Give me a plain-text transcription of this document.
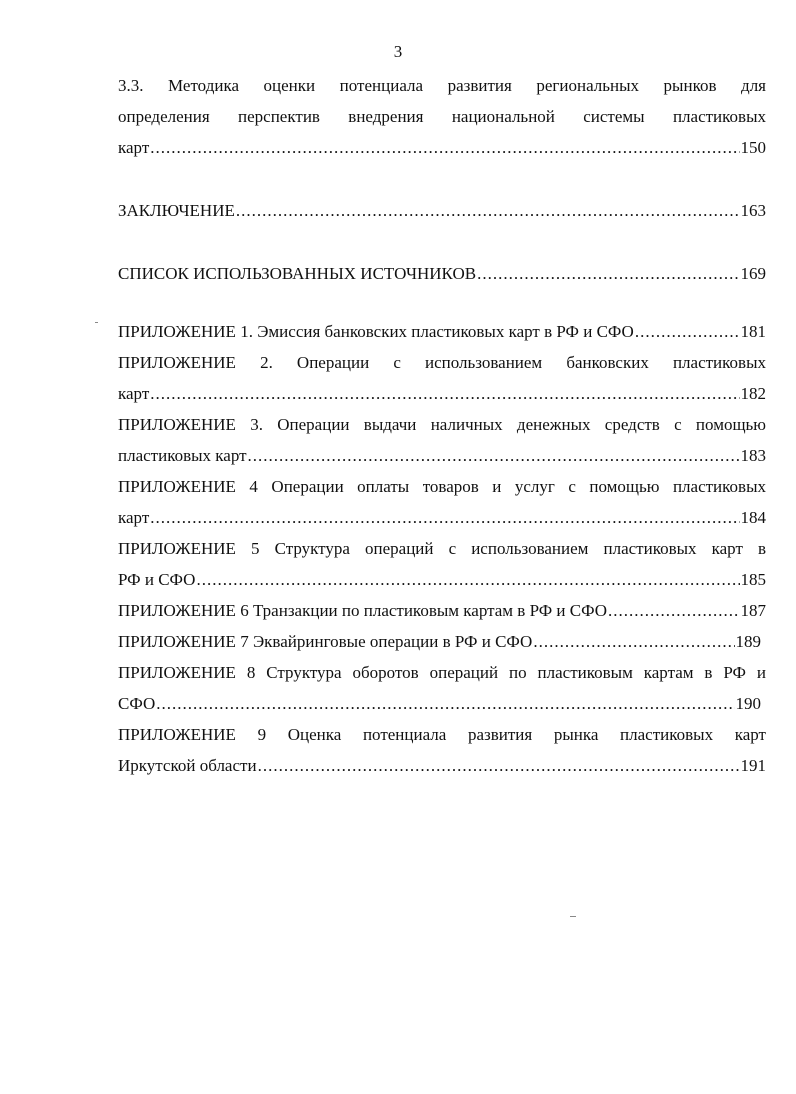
3
3.3. Методика оценки потенциала развития региональных рынков для
определения перспектив внедрения национальной системы пластиковых
карт .....	150
ЗАКЛЮЧЕНИЕ .....	163
СПИСОК ИСПОЛЬЗОВАННЫХ ИСТОЧНИКОВ .....	169
ПРИЛОЖЕНИЕ 1. Эмиссия банковских пластиковых карт в РФ и СФО .....	181
ПРИЛОЖЕНИЕ 2. Операции с использованием банковских пластиковых
карт .....	182
ПРИЛОЖЕНИЕ 3. Операции выдачи наличных денежных средств с помощью
пластиковых карт .....	183
ПРИЛОЖЕНИЕ 4 Операции оплаты товаров и услуг с помощью пластиковых
карт .....	184
ПРИЛОЖЕНИЕ 5 Структура операций с использованием пластиковых карт в
РФ и СФО .....	185
ПРИЛОЖЕНИЕ 6 Транзакции по пластиковым картам в РФ и СФО .....	187
ПРИЛОЖЕНИЕ 7 Эквайринговые операции в РФ и СФО .....	189
ПРИЛОЖЕНИЕ 8 Структура оборотов операций по пластиковым картам в РФ и
СФО .....	190
ПРИЛОЖЕНИЕ 9 Оценка потенциала развития рынка пластиковых карт
Иркутской области .....	191
